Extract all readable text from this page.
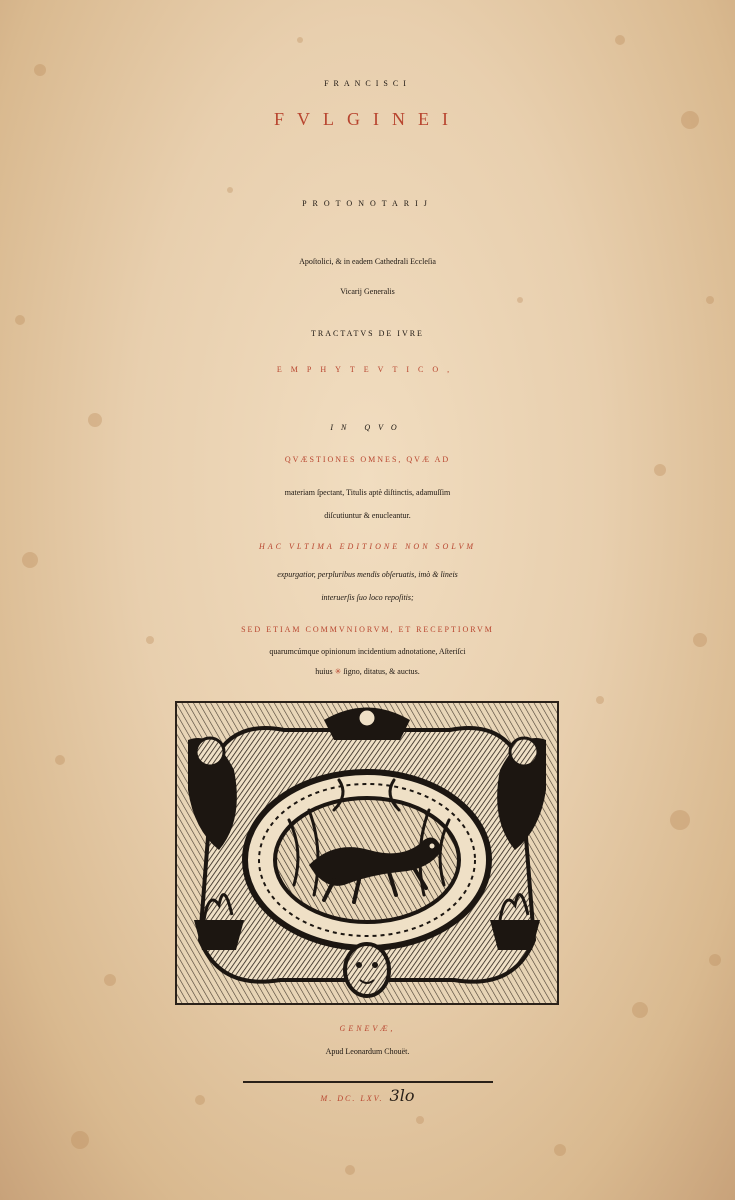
FRANCISCI
FVLGINEI
PROTONOTARIJ
Apoſtolici, & in eadem Cathedrali Eccleſia
Vicarij Generalis
TRACTATVS DE IVRE
EMPHYTEVTICO,
IN QVO
QVÆSTIONES OMNES, QVÆ AD
materiam ſpectant, Titulis aptè diſtinctis, adamuſſim
diſcutiuntur & enucleantur.
HAC VLTIMA EDITIONE NON SOLVM
expurgatior, perpluribus mendis obſeruatis, imò & lineis
interuerſis ſuo loco repoſitis;
SED ETIAM COMMVNIORVM, ET RECEPTIORVM
quarumcúmque opinionum incidentium adnotatione, Aſteriſci
huius ✳ ſigno, ditatus, & auctus.
GENEVÆ,
Apud Leonardum Chouët.
M. DC. LXV. 3lo
